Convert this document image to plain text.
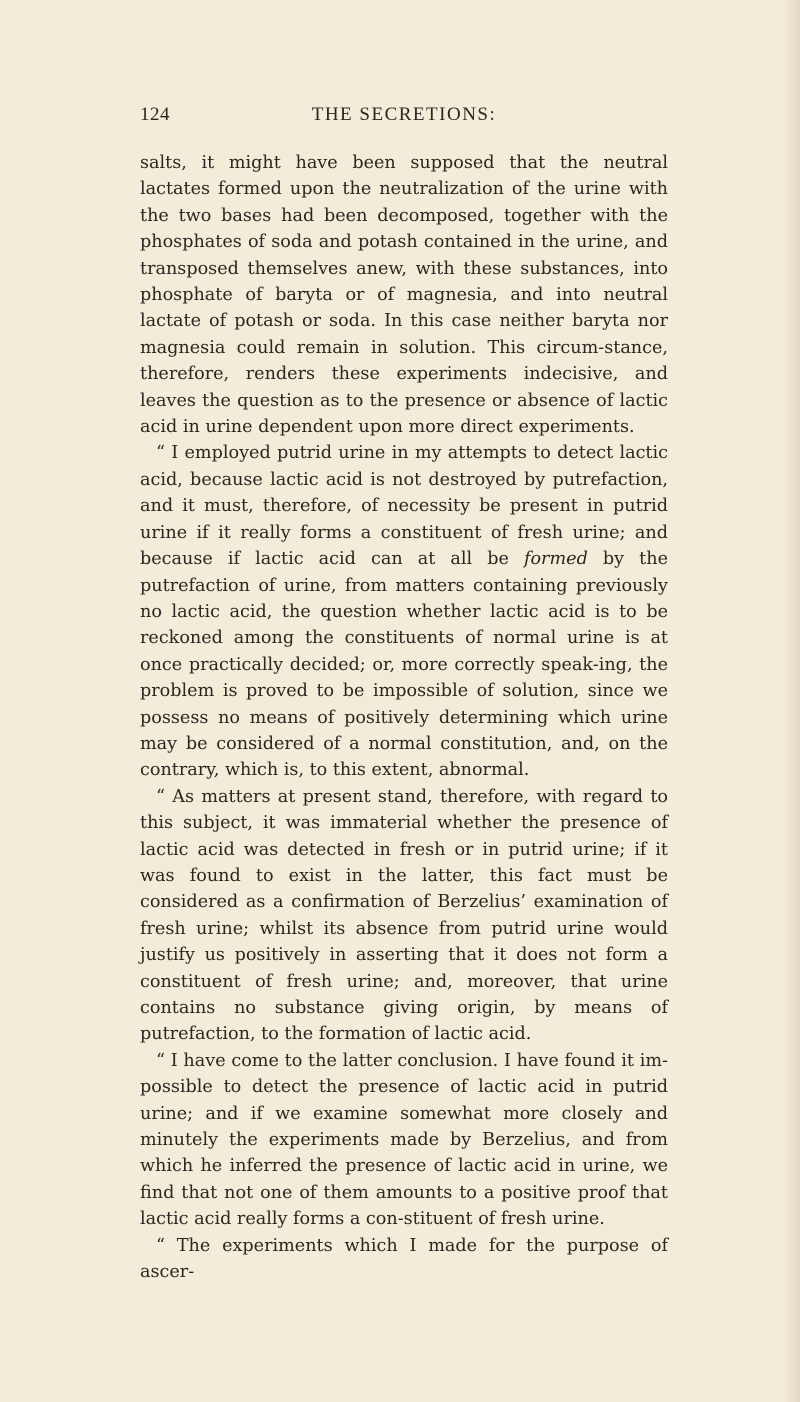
124	THE SECRETIONS:

salts, it might have been supposed that the neutral lactates formed upon the neutralization of the urine with the two bases had been decomposed, together with the phosphates of soda and potash contained in the urine, and transposed themselves anew, with these substances, into phosphate of baryta or of magnesia, and into neutral lactate of potash or soda. In this case neither baryta nor magnesia could remain in solution. This circum-stance, therefore, renders these experiments indecisive, and leaves the question as to the presence or absence of lactic acid in urine dependent upon more direct experiments.

“ I employed putrid urine in my attempts to detect lactic acid, because lactic acid is not destroyed by putrefaction, and it must, therefore, of necessity be present in putrid urine if it really forms a constituent of fresh urine; and because if lactic acid can at all be formed by the putrefaction of urine, from matters containing previously no lactic acid, the question whether lactic acid is to be reckoned among the constituents of normal urine is at once practically decided; or, more correctly speak-ing, the problem is proved to be impossible of solution, since we possess no means of positively determining which urine may be considered of a normal constitution, and, on the contrary, which is, to this extent, abnormal.

“ As matters at present stand, therefore, with regard to this subject, it was immaterial whether the presence of lactic acid was detected in fresh or in putrid urine; if it was found to exist in the latter, this fact must be considered as a confirmation of Berzelius’ examination of fresh urine; whilst its absence from putrid urine would justify us positively in asserting that it does not form a constituent of fresh urine; and, moreover, that urine contains no substance giving origin, by means of putrefaction, to the formation of lactic acid.

“ I have come to the latter conclusion. I have found it im-possible to detect the presence of lactic acid in putrid urine; and if we examine somewhat more closely and minutely the experiments made by Berzelius, and from which he inferred the presence of lactic acid in urine, we find that not one of them amounts to a positive proof that lactic acid really forms a con-stituent of fresh urine.

“ The experiments which I made for the purpose of ascer-
